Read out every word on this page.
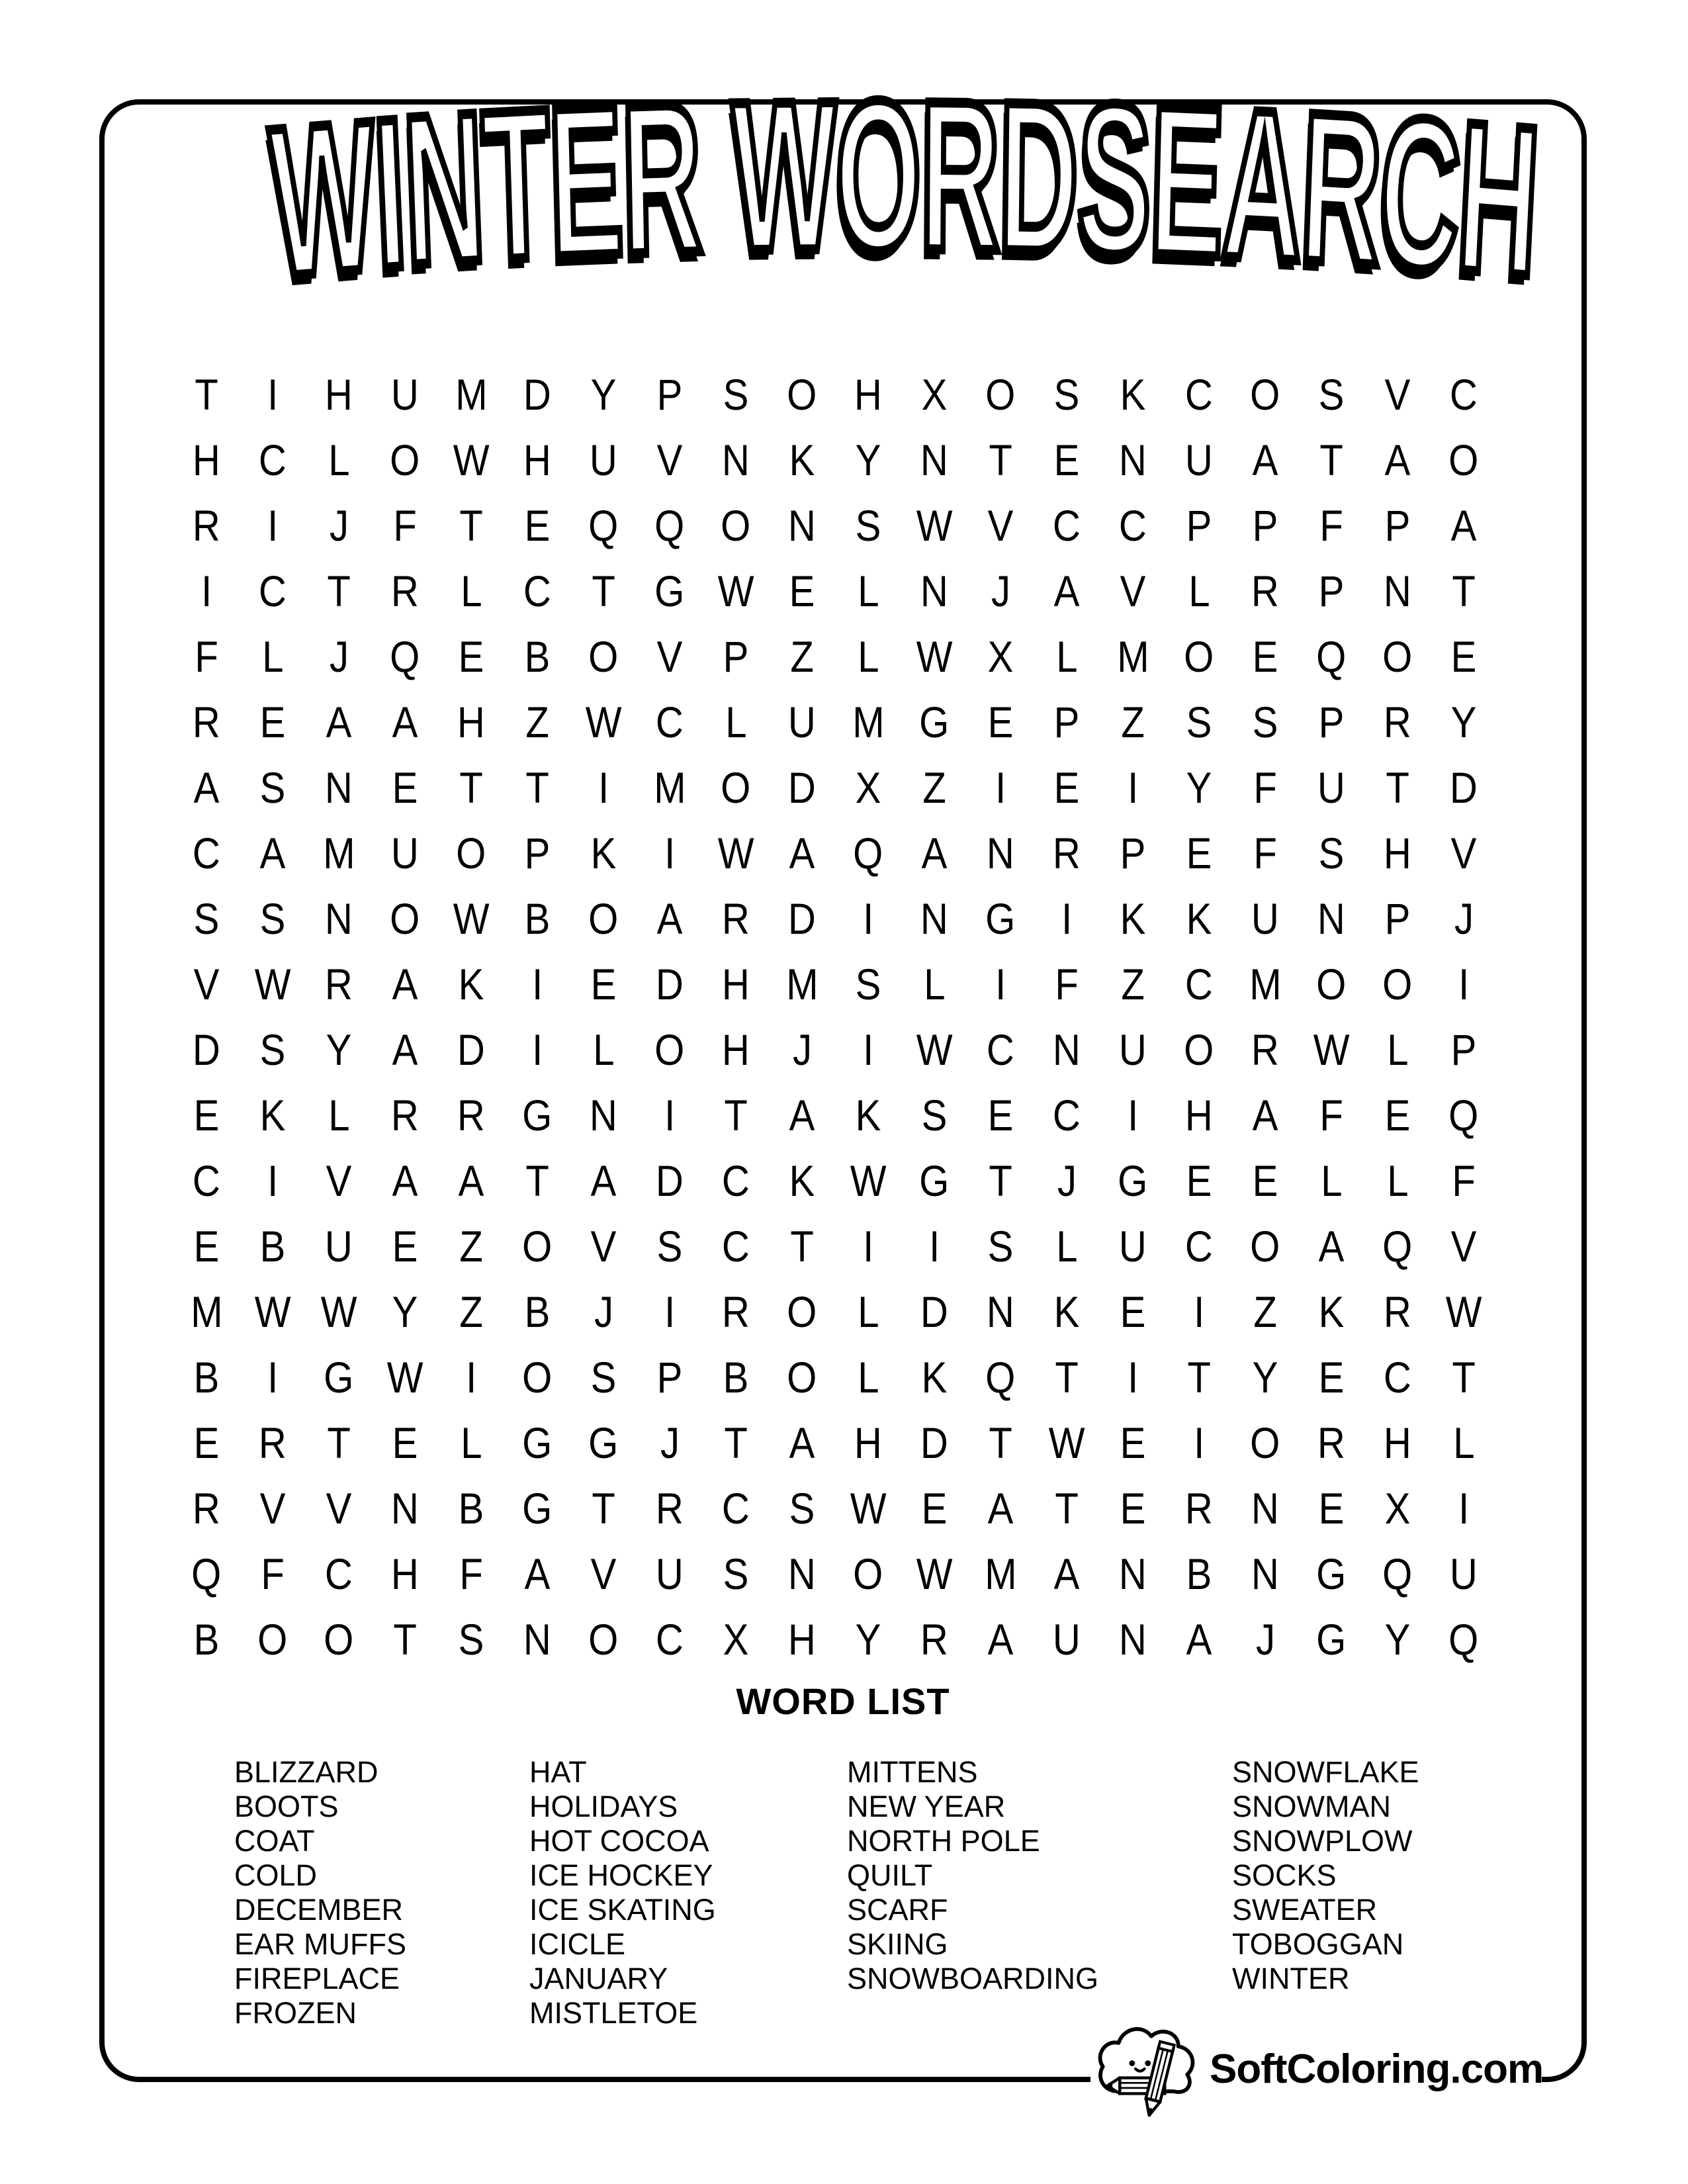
WINTER WORDSEARCH
T I H U M D Y P S O H X O S K C O S V C
H C L O W H U V N K Y N T E N U A T A O
R I J F T E Q Q O N S W V C C P P F P A
I C T R L C T G W E L N J A V L R P N T
F L J Q E B O V P Z L W X L M O E Q O E
R E A A H Z W C L U M G E P Z S S P R Y
A S N E T T I M O D X Z I E I Y F U T D
C A M U O P K I W A Q A N R P E F S H V
S S N O W B O A R D I N G I K K U N P J
V W R A K I E D H M S L I F Z C M O O I
D S Y A D I L O H J I W C N U O R W L P
E K L R R G N I T A K S E C I H A F E Q
C I V A A T A D C K W G T J G E E L L F
E B U E Z O V S C T I I S L U C O A Q V
M W W Y Z B J I R O L D N K E I Z K R W
B I G W I O S P B O L K Q T I T Y E C T
E R T E L G G J T A H D T W E I O R H L
R V V N B G T R C S W E A T E R N E X I
Q F C H F A V U S N O W M A N B N G Q U
B O O T S N O C X H Y R A U N A J G Y Q
WORD LIST
BLIZZARD
BOOTS
COAT
COLD
DECEMBER
EAR MUFFS
FIREPLACE
FROZEN
HAT
HOLIDAYS
HOT COCOA
ICE HOCKEY
ICE SKATING
ICICLE
JANUARY
MISTLETOE
MITTENS
NEW YEAR
NORTH POLE
QUILT
SCARF
SKIING
SNOWBOARDING
SNOWFLAKE
SNOWMAN
SNOWPLOW
SOCKS
SWEATER
TOBOGGAN
WINTER
SoftColoring.com
